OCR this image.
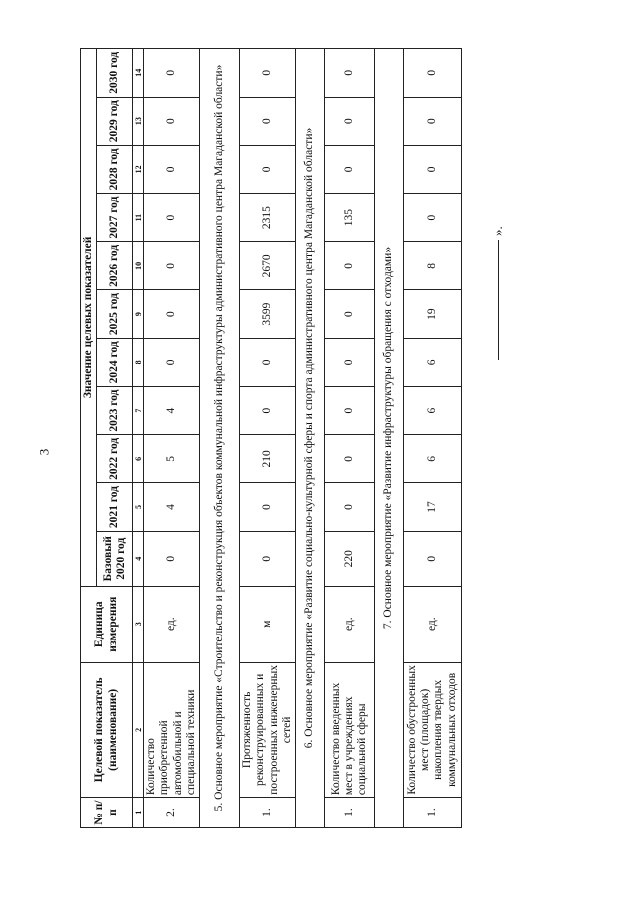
3
№ п/п	Целевой показатель (наименование)	Единица измерения	Значение целевых показателей										
			Базовый 2020 год	2021 год	2022 год	2023 год	2024 год	2025 год	2026 год	2027 год	2028 год	2029 год	2030 год
1	2	3	4	5	6	7	8	9	10	11	12	13	14
2.	Количество приобретенной автомобильной и специальной техники	ед.	0	4	5	4	0	0	0	0	0	0	0
5. Основное мероприятие «Строительство и реконструкция объектов коммунальной инфраструктуры административного центра Магаданской области»													
1.	Протяженность реконструированных и построенных инженерных сетей	м	0	0	210	0	0	3599	2670	2315	0	0	0
6. Основное мероприятие «Развитие социально-культурной сферы и спорта административного центра Магаданской области»													
1.	Количество введенных мест в учреждениях социальной сферы	ед.	220	0	0	0	0	0	0	135	0	0	0
7. Основное мероприятие «Развитие инфраструктуры обращения с отходами»													
1.	Количество обустроенных мест (площадок) накопления твердых коммунальных отходов	ед.	0	17	6	6	6	19	8	0	0	0	0
».
